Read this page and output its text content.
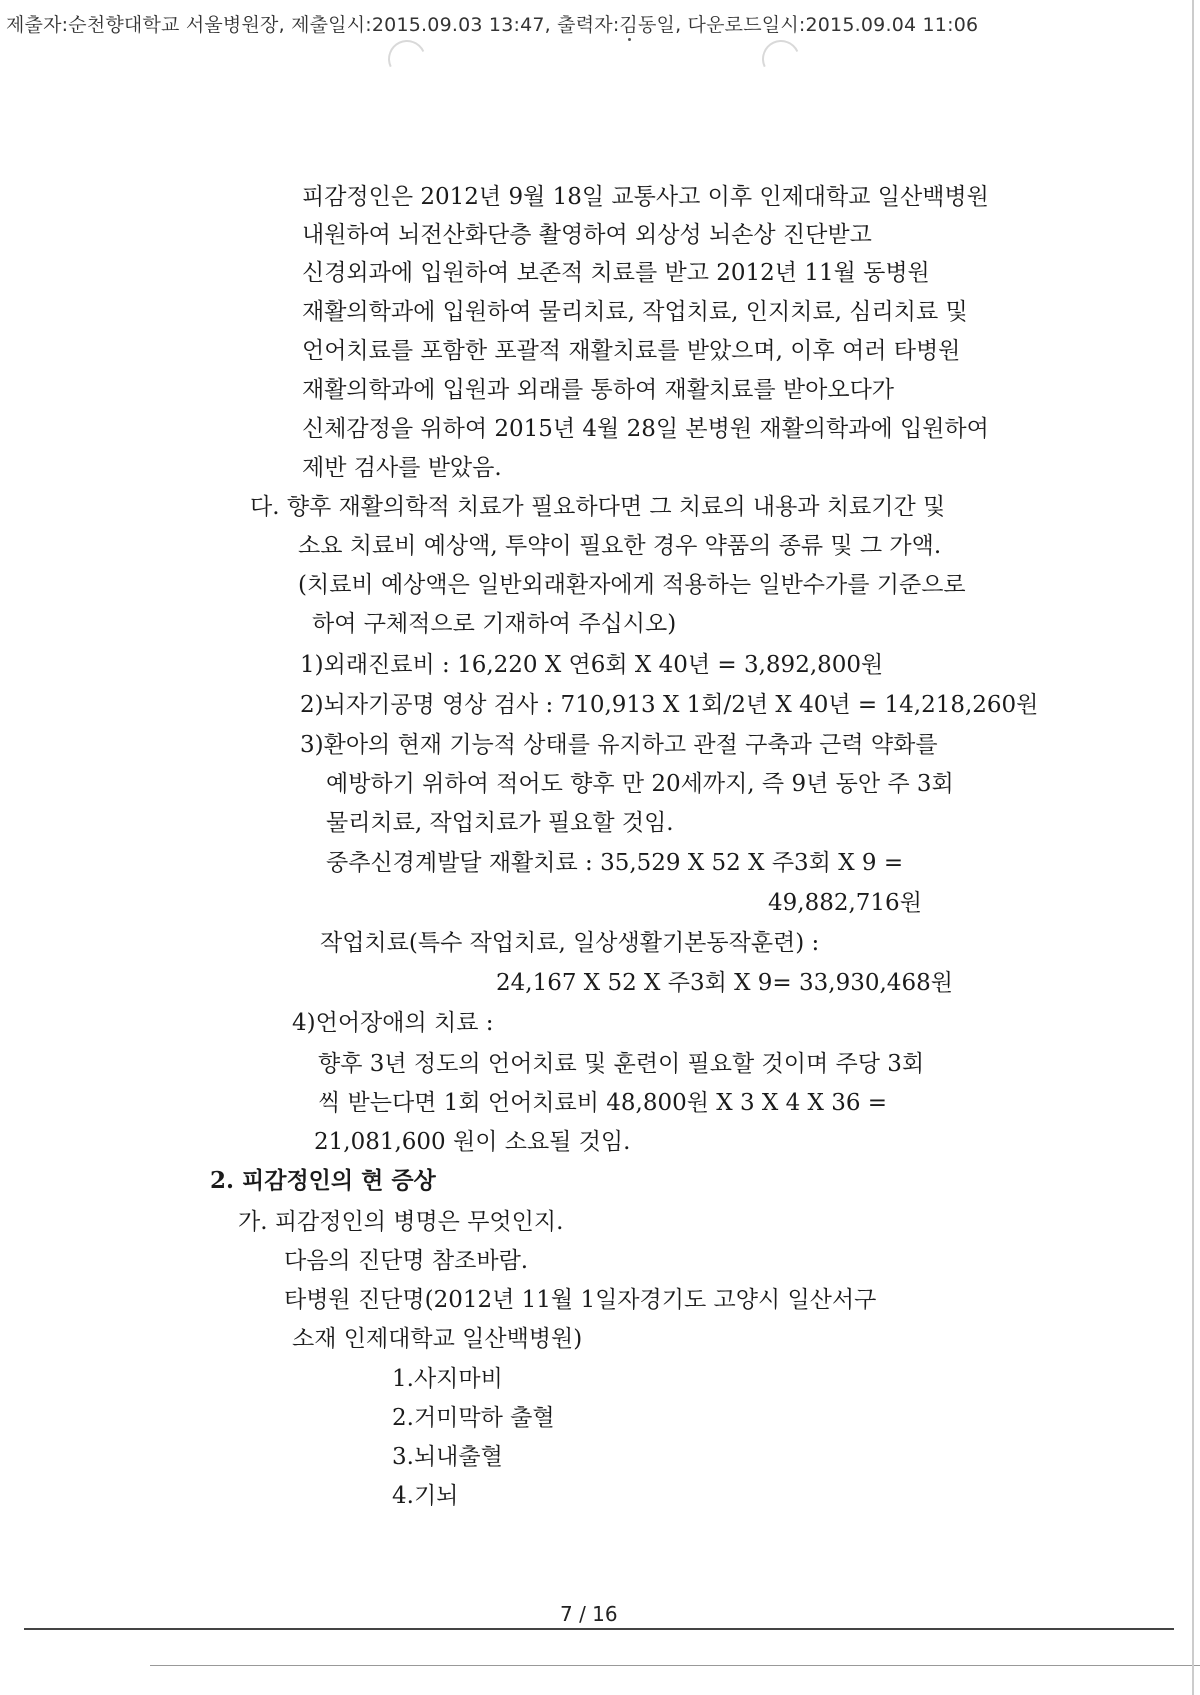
제출자:순천향대학교 서울병원장, 제출일시:2015.09.03 13:47, 출력자:김동일, 다운로드일시:2015.09.04 11:06
피감정인은 2012년 9월 18일 교통사고 이후 인제대학교 일산백병원
내원하여 뇌전산화단층 촬영하여 외상성 뇌손상 진단받고
신경외과에 입원하여 보존적 치료를 받고 2012년 11월 동병원
재활의학과에 입원하여 물리치료, 작업치료, 인지치료, 심리치료 및
언어치료를 포함한 포괄적 재활치료를 받았으며, 이후 여러 타병원
재활의학과에 입원과 외래를 통하여 재활치료를 받아오다가
신체감정을 위하여 2015년 4월 28일 본병원 재활의학과에 입원하여
제반 검사를 받았음.
다. 향후 재활의학적 치료가 필요하다면 그 치료의 내용과 치료기간 및
소요 치료비 예상액, 투약이 필요한 경우 약품의 종류 및 그 가액.
(치료비 예상액은 일반외래환자에게 적용하는 일반수가를 기준으로
하여 구체적으로 기재하여 주십시오)
1)외래진료비 : 16,220 X 연6회 X 40년 = 3,892,800원
2)뇌자기공명 영상 검사 : 710,913 X 1회/2년 X 40년 = 14,218,260원
3)환아의 현재 기능적 상태를 유지하고 관절 구축과 근력 약화를
예방하기 위하여 적어도 향후 만 20세까지, 즉 9년 동안 주 3회
물리치료, 작업치료가 필요할 것임.
중추신경계발달 재활치료 : 35,529 X 52 X 주3회 X 9 =
49,882,716원
작업치료(특수 작업치료, 일상생활기본동작훈련) :
24,167 X 52 X 주3회 X 9= 33,930,468원
4)언어장애의 치료 :
향후 3년 정도의 언어치료 및 훈련이 필요할 것이며 주당 3회
씩 받는다면 1회 언어치료비 48,800원 X 3 X 4 X 36 =
21,081,600 원이 소요될 것임.
2. 피감정인의 현 증상
가. 피감정인의 병명은 무엇인지.
다음의 진단명 참조바람.
타병원 진단명(2012년 11월 1일자경기도 고양시 일산서구
소재 인제대학교 일산백병원)
1.사지마비
2.거미막하 출혈
3.뇌내출혈
4.기뇌
7 / 16
